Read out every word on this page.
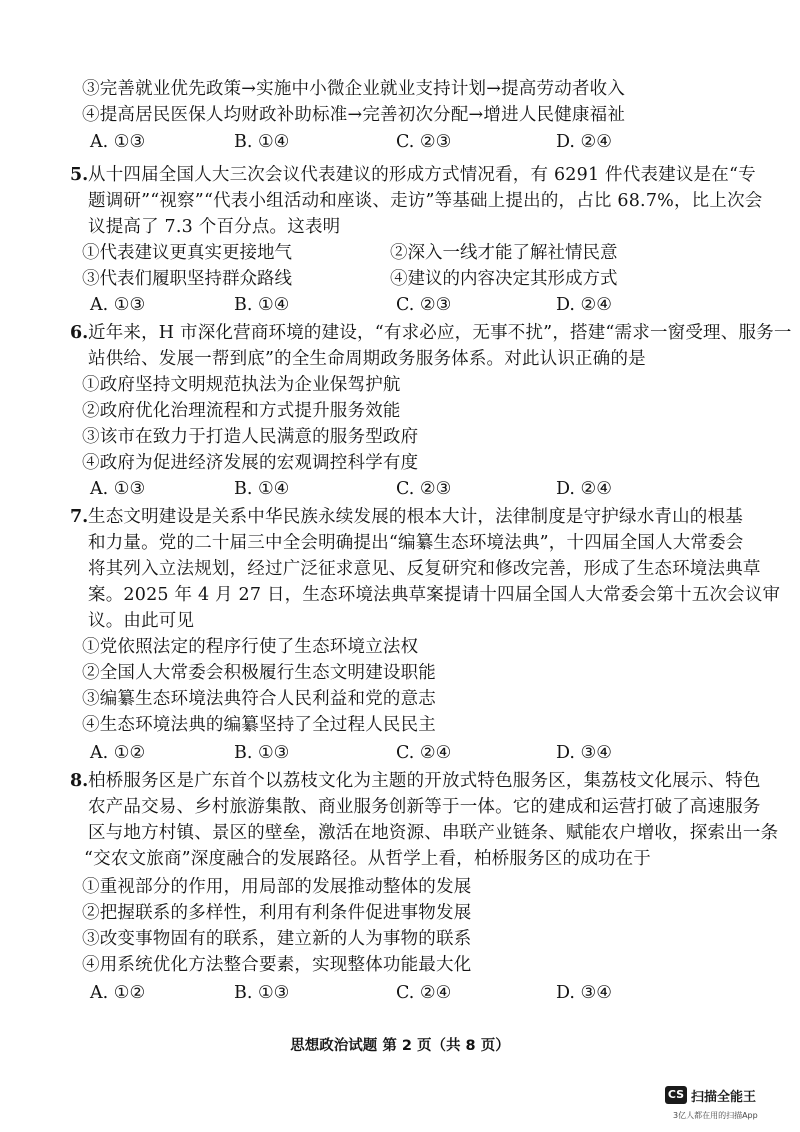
③完善就业优先政策→实施中小微企业就业支持计划→提高劳动者收入
④提高居民医保人均财政补助标准→完善初次分配→增进人民健康福祉
A. ①③	B. ①④	C. ②③	D. ②④
5. 从十四届全国人大三次会议代表建议的形成方式情况看，有 6291 件代表建议是在“专
题调研”“视察”“代表小组活动和座谈、走访”等基础上提出的，占比 68.7%，比上次会
议提高了 7.3 个百分点。这表明
①代表建议更真实更接地气	②深入一线才能了解社情民意
③代表们履职坚持群众路线	④建议的内容决定其形成方式
A. ①③	B. ①④	C. ②③	D. ②④
6. 近年来，H 市深化营商环境的建设，“有求必应，无事不扰”，搭建“需求一窗受理、服务一
站供给、发展一帮到底”的全生命周期政务服务体系。对此认识正确的是
①政府坚持文明规范执法为企业保驾护航
②政府优化治理流程和方式提升服务效能
③该市在致力于打造人民满意的服务型政府
④政府为促进经济发展的宏观调控科学有度
A. ①③	B. ①④	C. ②③	D. ②④
7. 生态文明建设是关系中华民族永续发展的根本大计，法律制度是守护绿水青山的根基
和力量。党的二十届三中全会明确提出“编纂生态环境法典”，十四届全国人大常委会
将其列入立法规划，经过广泛征求意见、反复研究和修改完善，形成了生态环境法典草
案。2025 年 4 月 27 日，生态环境法典草案提请十四届全国人大常委会第十五次会议审
议。由此可见
①党依照法定的程序行使了生态环境立法权
②全国人大常委会积极履行生态文明建设职能
③编纂生态环境法典符合人民利益和党的意志
④生态环境法典的编纂坚持了全过程人民民主
A. ①②	B. ①③	C. ②④	D. ③④
8. 柏桥服务区是广东首个以荔枝文化为主题的开放式特色服务区，集荔枝文化展示、特色
农产品交易、乡村旅游集散、商业服务创新等于一体。它的建成和运营打破了高速服务
区与地方村镇、景区的壁垒，激活在地资源、串联产业链条、赋能农户增收，探索出一条
“交农文旅商”深度融合的发展路径。从哲学上看，柏桥服务区的成功在于
①重视部分的作用，用局部的发展推动整体的发展
②把握联系的多样性，利用有利条件促进事物发展
③改变事物固有的联系，建立新的人为事物的联系
④用系统优化方法整合要素，实现整体功能最大化
A. ①②	B. ①③	C. ②④	D. ③④
思想政治试题 第 2 页（共 8 页）
CS 扫描全能王
3亿人都在用的扫描App
